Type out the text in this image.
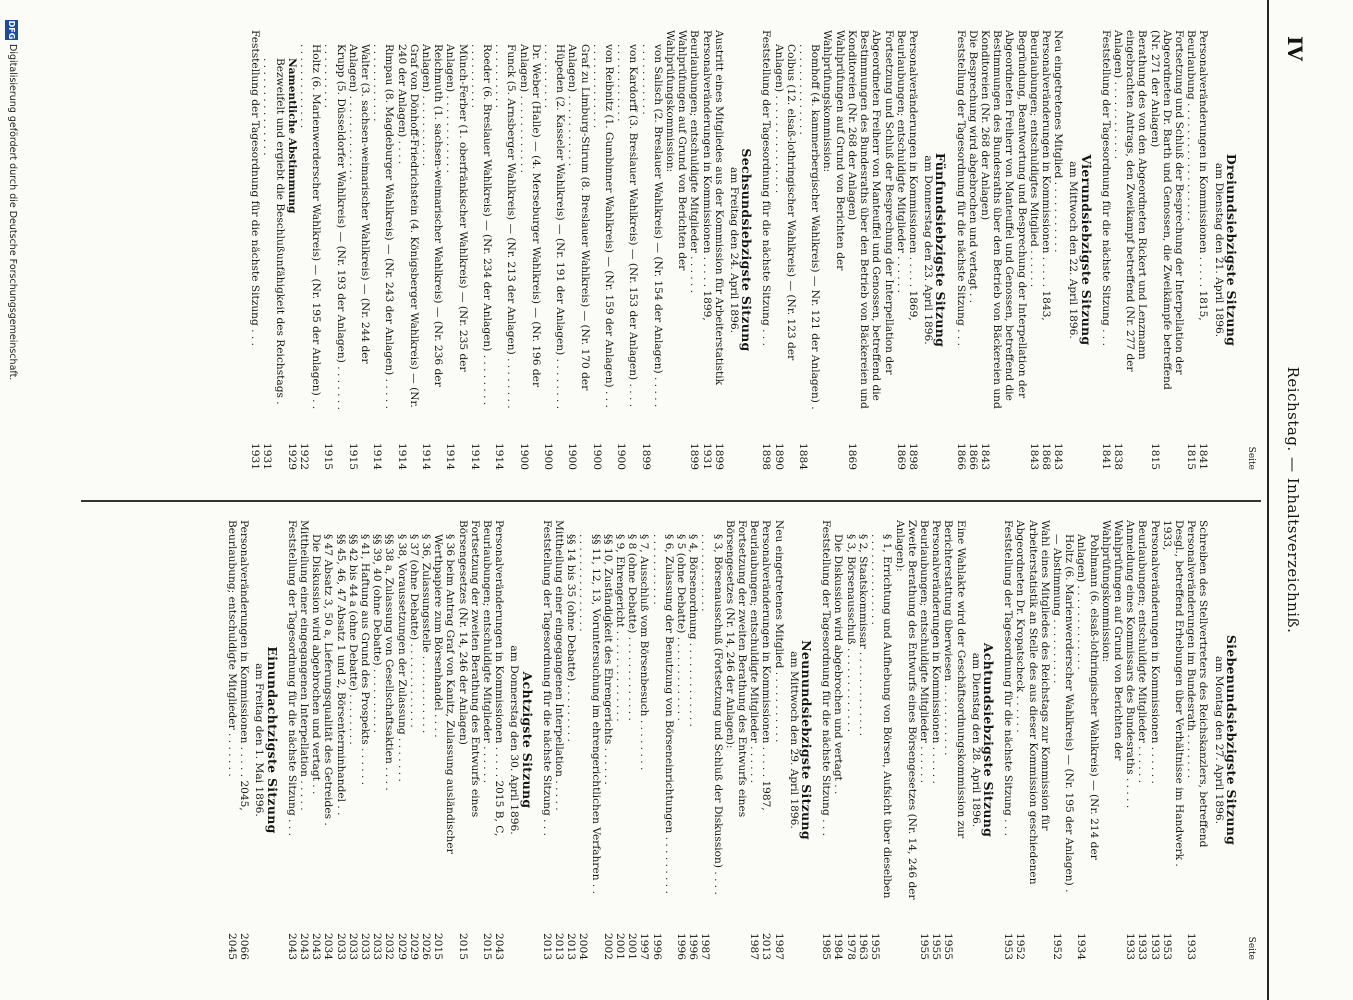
IV
Reichstag. — Inhaltsverzeichniß.
Seite
Dreiundsiebzigste Sitzung
am Dienstag den 21. April 1896.
Personalveränderungen in Kommissionen . . . . . 1815,
1841
Beurlaubung . . . . . . . . . . . . . . . . . .
1815
Fortsetzung und Schluß der Besprechung der Interpellation der Abgeordneten Dr. Barth und Genossen, die Zweikämpfe betreffend (Nr. 271 der Anlagen)
1815
Berathung des von den Abgeordneten Rickert und Lenzmann eingebrachten Antrags, den Zweikampf betreffend (Nr. 277 der Anlagen) . . . . . . . . . . . .
1838
Feststellung der Tagesordnung für die nächste Sitzung . . .
1841
Vierundsiebzigste Sitzung
am Mittwoch den 22. April 1896.
Neu eingetretenes Mitglied . . . . . . . . . . .
1843
Personalveränderungen in Kommissionen . . . . . 1843,
1868
Beurlaubungen; entschuldigtes Mitglied . . . . . .
1843
Begründung, Beantwortung und Besprechung der Interpellation der Abgeordneten Freiherr von Manteuffel und Genossen, betreffend die Bestimmungen des Bundesraths über den Betrieb von Bäckereien und Konditoreien (Nr. 268 der Anlagen)
1843
Die Besprechung wird abgebrochen und vertagt . .
1866
Feststellung der Tagesordnung für die nächste Sitzung . . .
1866
Fünfundsiebzigste Sitzung
am Donnerstag den 23. April 1896.
Personalveränderungen in Kommissionen . . . . . 1869,
1898
Beurlaubungen; entschuldigte Mitglieder . . . . . .
1869
Fortsetzung und Schluß der Besprechung der Interpellation der Abgeordneten Freiherr von Manteuffel und Genossen, betreffend die Bestimmungen des Bundesraths über den Betrieb von Bäckereien und Konditoreien (Nr. 268 der Anlagen)
1869
Wahlprüfungen auf Grund von Berichten der Wahlprüfungskommission:
Bomhoff (4. kammerbergischer Wahlkreis) — Nr. 121 der Anlagen) . . . . . . . . . . . . . . .
1884
Colbus (12. elsaß-lothringischer Wahlkreis) — (Nr. 123 der Anlagen) . . . . . . . . . . . . . . .
1890
Feststellung der Tagesordnung für die nächste Sitzung . . .
1898
Sechsundsiebzigste Sitzung
am Freitag den 24. April 1896.
Austritt eines Mitgliedes aus der Kommission für Arbeiterstatistik
1899
Personalveränderungen in Kommissionen . . . . . 1899,
1931
Beurlaubungen; entschuldigte Mitglieder . . . . . .
1899
Wahlprüfungen auf Grund von Berichten der Wahlprüfungskommission:
von Salisch (2. Breslauer Wahlkreis) — (Nr. 154 der Anlagen) . . . . . . . . . . . . . . . .
1899
von Kardorff (3. Breslauer Wahlkreis) — (Nr. 153 der Anlagen) . . . . . . . . . . . . . . . .
1900
von Reibnitz (1. Gumbinner Wahlkreis) — (Nr. 159 der Anlagen) . . . . . . . . . . . . . . . .
1900
Graf zu Limburg-Stirum (8. Breslauer Wahlkreis) — (Nr. 170 der Anlagen) . . . . . . . . . . .
1900
Hüpeden (2. Kasseler Wahlkreis) — (Nr. 191 der Anlagen) . . . . . . . . . . . . . . . . . .
1900
Dr. Weber (Halle) — (4. Merseburger Wahlkreis) — (Nr. 196 der Anlagen) . . . . . . . . . . . .
1900
Funck (5. Arnsberger Wahlkreis) — (Nr. 213 der Anlagen) . . . . . . . . . . . . . . . . . .
1914
Roeder (6. Breslauer Wahlkreis) — (Nr. 234 der Anlagen) . . . . . . . . . . . . . . . . . .
1914
Münch-Ferber (1. oberfränkischer Wahlkreis) — (Nr. 235 der Anlagen) . . . . . . . . . . . .
1914
Reichmuth (1. sachsen-weimarischer Wahlkreis) — (Nr. 236 der Anlagen) . . . . . . . . . . .
1914
Graf von Dönhoff-Friedrichstein (4. Königsberger Wahlkreis) — (Nr. 240 der Anlagen) . . . .
1914
Rimpau (8. Magdeburger Wahlkreis) — (Nr. 243 der Anlagen) . . . . . . . . . . . . . . . . .
1914
Walter (3. sachsen-weimarischer Wahlkreis) — (Nr. 244 der Anlagen) . . . . . . . . . . . . .
1915
Krupp (5. Düsseldorfer Wahlkreis) — (Nr. 193 der Anlagen) . . . . . . . . . . . . . . . . .
1915
Holtz (6. Marienwerderscher Wahlkreis) — (Nr. 195 der Anlagen) . . . . . . . . . . . . . . .
1922
Namentliche Abstimmung
1929
Bezweifelt und ergiebt die Beschlußunfähigkeit des Reichstags . . . . . . . . . . . . . . . .
1931
Feststellung der Tagesordnung für die nächste Sitzung . . .
1931
Seite
Siebenundsiebzigste Sitzung
am Montag den 27. April 1896.
Schreiben des Stellvertreters des Reichskanzlers, betreffend Personalveränderungen im Bundesrath . . . . . . .
1933
Desgl., betreffend Erhebungen über Verhältnisse im Handwerk . 1933,
1953
Personalveränderungen in Kommissionen . . . . . .
1933
Beurlaubungen; entschuldigte Mitglieder . . . . . .
1933
Anmeldung eines Kommissars des Bundesraths . . . . .
1933
Wahlprüfungen auf Grund von Berichten der Wahlprüfungskommission:
Pohlmann (6. elsaß-lothringischer Wahlkreis) — (Nr. 214 der Anlagen) . . . . . . . . . . . . .
1934
Holtz (6. Marienwerderscher Wahlkreis) — (Nr. 195 der Anlagen) . — Abstimmung . . . . . . . . . .
1952
Wahl eines Mitgliedes des Reichstags zur Kommission für Arbeiterstatistik an Stelle des aus dieser Kommission geschiedenen Abgeordneten Dr. Kropatscheck . . . . . .
1952
Feststellung der Tagesordnung für die nächste Sitzung . . .
1953
Achtundsiebzigste Sitzung
am Dienstag den 28. April 1896.
Eine Wahlakte wird der Geschäftsordnungskommission zur Berichterstattung überwiesen . . . . . . . . . . .
1955
Personalveränderungen in Kommissionen . . . . . .
1955
Beurlaubungen; entschuldigte Mitglieder . . . . . .
1955
Zweite Berathung des Entwurfs eines Börsengesetzes (Nr. 14, 246 der Anlagen):
§ 1, Errichtung und Aufhebung von Börsen, Aufsicht über dieselben . . . . . . . . . . . . . .
1955
§ 2, Staatskommissar . . . . . . . . . . . . .
1963
§ 3, Börsenausschuß . . . . . . . . . . . . .
1978
Die Diskussion wird abgebrochen und vertagt . .
1984
Feststellung der Tagesordnung für die nächste Sitzung . . .
1985
Neunundsiebzigste Sitzung
am Mittwoch den 29. April 1896.
Neu eingetretenes Mitglied . . . . . . . . . . .
1987
Personalveränderungen in Kommissionen . . . . . 1987,
2013
Beurlaubungen; entschuldigte Mitglieder . . . . . .
1987
Fortsetzung der zweiten Berathung des Entwurfs eines Börsengesetzes (Nr. 14, 246 der Anlagen):
§ 3, Börsenausschuß (Fortsetzung und Schluß der Diskussion) . . . . . . . . . . . . . . . .
1987
§ 4, Börsenordnung . . . . . . . . . . . . .
1996
§ 5 (ohne Debatte) . . . . . . . . . . . . .
1996
§ 6, Zulassung der Benutzung von Börseneinrichtungen . . . . . . . . . . . . . . . . . . . .
1996
§ 7, Ausschluß vom Börsenbesuch . . . . . . . .
1997
§ 8 (ohne Debatte) . . . . . . . . . . . . .
2001
§ 9, Ehrengericht . . . . . . . . . . . . . .
2001
§§ 10, Zuständigkeit des Ehrengerichts . . . . . .
2002
§§ 11, 12, 13, Voruntersuchung im ehrengerichtlichen Verfahren . . . . . . . . . . . . . . . . .
2004
§§ 14 bis 35 (ohne Debatte) . . . . . . . . .
2013
Mittheilung einer eingegangenen Interpellation . . . . .
2013
Feststellung der Tagesordnung für die nächste Sitzung . . .
2013
Achtzigste Sitzung
am Donnerstag den 30. April 1896.
Personalveränderungen in Kommissionen . . . . . 2015 B, C,
2043
Beurlaubungen; entschuldigte Mitglieder . . . . . .
2015
Fortsetzung der zweiten Berathung des Entwurfs eines Börsengesetzes (Nr. 14, 246 der Anlagen)
2015
§ 36 beim Antrag Graf von Kanitz, Zulassung ausländischer Werthpapiere zum Börsenhandel . . . .
2015
§ 36, Zulassungsstelle . . . . . . . . . . . .
2026
§ 37 (ohne Debatte) . . . . . . . . . . . . .
2029
§ 38, Voraussetzungen der Zulassung . . . . . . .
2029
§§ 38 a, Zulassung von Gesellschaftsaktien . . . .
2032
§§ 39, 40 (ohne Debatte) . . . . . . . . . .
2033
§ 41, Haftung aus Grund des Prospekts . . . . . .
2033
§§ 42 bis 44 a (ohne Debatte) . . . . . . . .
2033
§§ 45, 46, 47 Absatz 1 und 2, Börsenterminhandel . .
2033
§ 47 Absatz 3, 50 a, Lieferungsqualität des Getreides .
2034
Die Diskussion wird abgebrochen und vertagt . .
2043
Mittheilung einer eingegangenen Interpellation . . . . .
2043
Feststellung der Tagesordnung für die nächste Sitzung . . .
2043
Einundachtzigste Sitzung
am Freitag den 1. Mai 1896.
Personalveränderungen in Kommissionen . . . . . 2045,
2066
Beurlaubung; entschuldigte Mitglieder . . . . . . .
2045
DFG
Digitalisierung gefördert durch die Deutsche Forschungsgemeinschaft.
